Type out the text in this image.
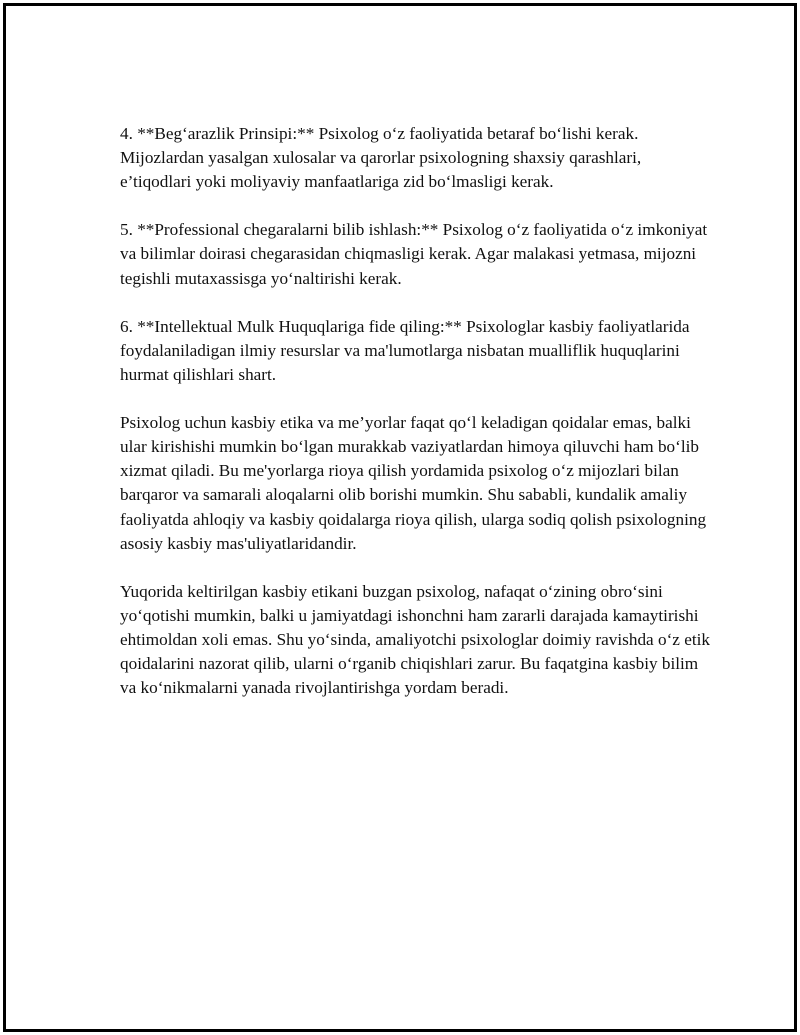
4. **Beg‘arazlik Prinsipi:** Psixolog o‘z faoliyatida betaraf bo‘lishi kerak. Mijozlardan yasalgan xulosalar va qarorlar psixologning shaxsiy qarashlari, e’tiqodlari yoki moliyaviy manfaatlariga zid bo‘lmasligi kerak.

5. **Professional chegaralarni bilib ishlash:** Psixolog o‘z faoliyatida o‘z imkoniyat va bilimlar doirasi chegarasidan chiqmasligi kerak. Agar malakasi yetmasa, mijozni tegishli mutaxassisga yo‘naltirishi kerak.

6. **Intellektual Mulk Huquqlariga fide qiling:** Psixologlar kasbiy faoliyatlarida foydalaniladigan ilmiy resurslar va ma'lumotlarga nisbatan mualliflik huquqlarini hurmat qilishlari shart.

Psixolog uchun kasbiy etika va me’yorlar faqat qo‘l keladigan qoidalar emas, balki ular kirishishi mumkin bo‘lgan murakkab vaziyatlardan himoya qiluvchi ham bo‘lib xizmat qiladi. Bu me'yorlarga rioya qilish yordamida psixolog o‘z mijozlari bilan barqaror va samarali aloqalarni olib borishi mumkin. Shu sababli, kundalik amaliy faoliyatda ahloqiy va kasbiy qoidalarga rioya qilish, ularga sodiq qolish psixologning asosiy kasbiy mas'uliyatlaridandir.

Yuqorida keltirilgan kasbiy etikani buzgan psixolog, nafaqat o‘zining obro‘sini yo‘qotishi mumkin, balki u jamiyatdagi ishonchni ham zararli darajada kamaytirishi ehtimoldan xoli emas. Shu yo‘sinda, amaliyotchi psixologlar doimiy ravishda o‘z etik qoidalarini nazorat qilib, ularni o‘rganib chiqishlari zarur. Bu faqatgina kasbiy bilim va ko‘nikmalarni yanada rivojlantirishga yordam beradi.
